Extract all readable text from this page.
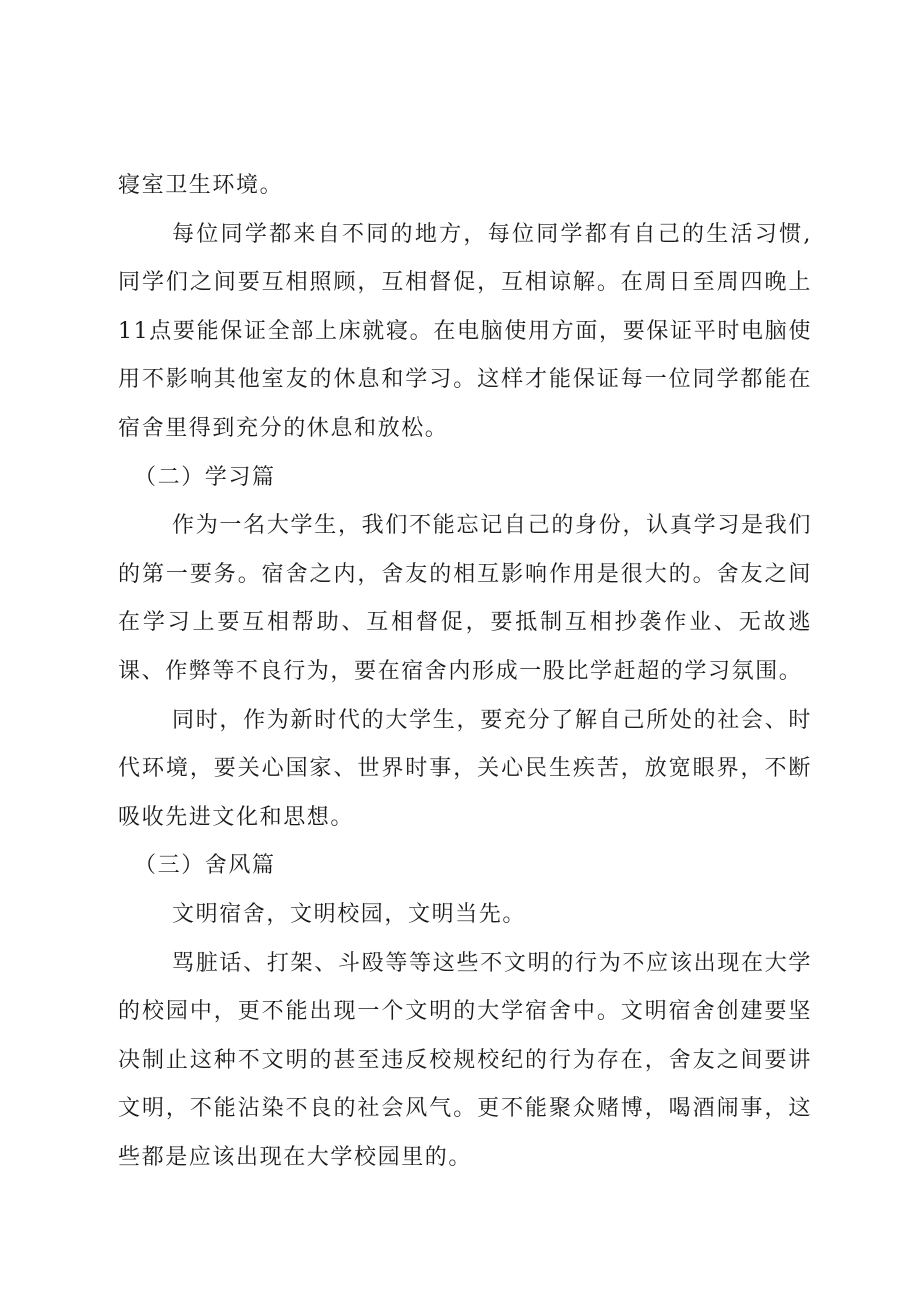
寝室卫生环境。

每位同学都来自不同的地方，每位同学都有自己的生活习惯,同学们之间要互相照顾，互相督促，互相谅解。在周日至周四晚上11点要能保证全部上床就寝。在电脑使用方面，要保证平时电脑使用不影响其他室友的休息和学习。这样才能保证每一位同学都能在宿舍里得到充分的休息和放松。

（二）学习篇

作为一名大学生，我们不能忘记自己的身份，认真学习是我们的第一要务。宿舍之内，舍友的相互影响作用是很大的。舍友之间在学习上要互相帮助、互相督促，要抵制互相抄袭作业、无故逃课、作弊等不良行为，要在宿舍内形成一股比学赶超的学习氛围。

同时，作为新时代的大学生，要充分了解自己所处的社会、时代环境，要关心国家、世界时事，关心民生疾苦，放宽眼界，不断吸收先进文化和思想。

（三）舍风篇

文明宿舍，文明校园，文明当先。

骂脏话、打架、斗殴等等这些不文明的行为不应该出现在大学的校园中，更不能出现一个文明的大学宿舍中。文明宿舍创建要坚决制止这种不文明的甚至违反校规校纪的行为存在，舍友之间要讲文明，不能沾染不良的社会风气。更不能聚众赌博，喝酒闹事，这些都是应该出现在大学校园里的。
